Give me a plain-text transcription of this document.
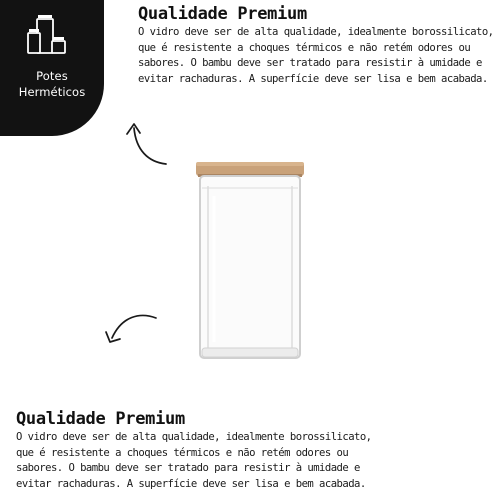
Potes
Herméticos
Qualidade Premium
O vidro deve ser de alta qualidade, idealmente borossilicato,
que é resistente a choques térmicos e não retém odores ou
sabores. O bambu deve ser tratado para resistir à umidade e
evitar rachaduras. A superfície deve ser lisa e bem acabada.
Qualidade Premium
O vidro deve ser de alta qualidade, idealmente borossilicato,
que é resistente a choques térmicos e não retém odores ou
sabores. O bambu deve ser tratado para resistir à umidade e
evitar rachaduras. A superfície deve ser lisa e bem acabada.
